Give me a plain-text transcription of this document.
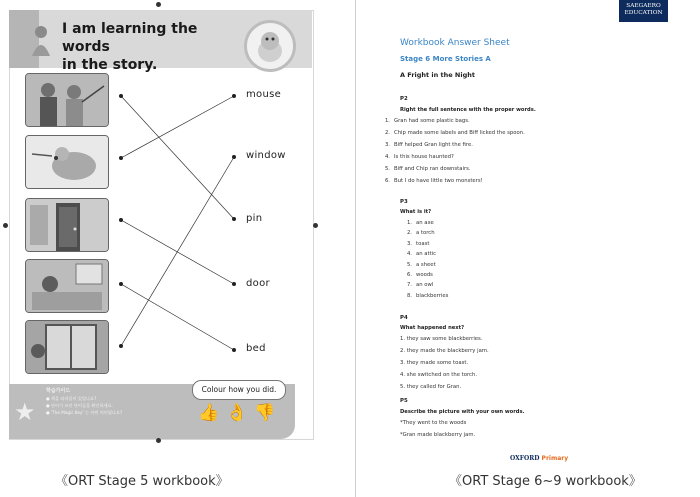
I am learning the words
in the story.
mouse
window
pin
door
bed
★
학습가이드
● 책을 따라읽어 있었나요?
● 단어가 쓰인 단어들을 확인하세요.
● 'The Magic Key' 는 어떤 의미였나요?
Colour how you did.
👍 👌 👎
《ORT Stage 5 workbook》
SAEGAERO
EDUCATION
Workbook Answer Sheet
Stage 6 More Stories A
A Fright in the Night
P2
Right the full sentence with the proper words.
1. Gran had some plastic bags.
2. Chip made some labels and Biff licked the spoon.
3. Biff helped Gran light the fire.
4. Is this house haunted?
5. Biff and Chip ran downstairs.
6. But I do have little two monsters!
P3
What is it?
1. an axe
2. a torch
3. toast
4. an attic
5. a sheet
6. woods
7. an owl
8. blackberries
P4
What happened next?
1. they saw some blackberries.
2. they made the blackberry jam.
3. they made some toast.
4. she switched on the torch.
5. they called for Gran.
P5
Describe the picture with your own words.
*They went to the woods
*Gran made blackberry jam.
OXFORD Primary
《ORT Stage 6~9 workbook》
